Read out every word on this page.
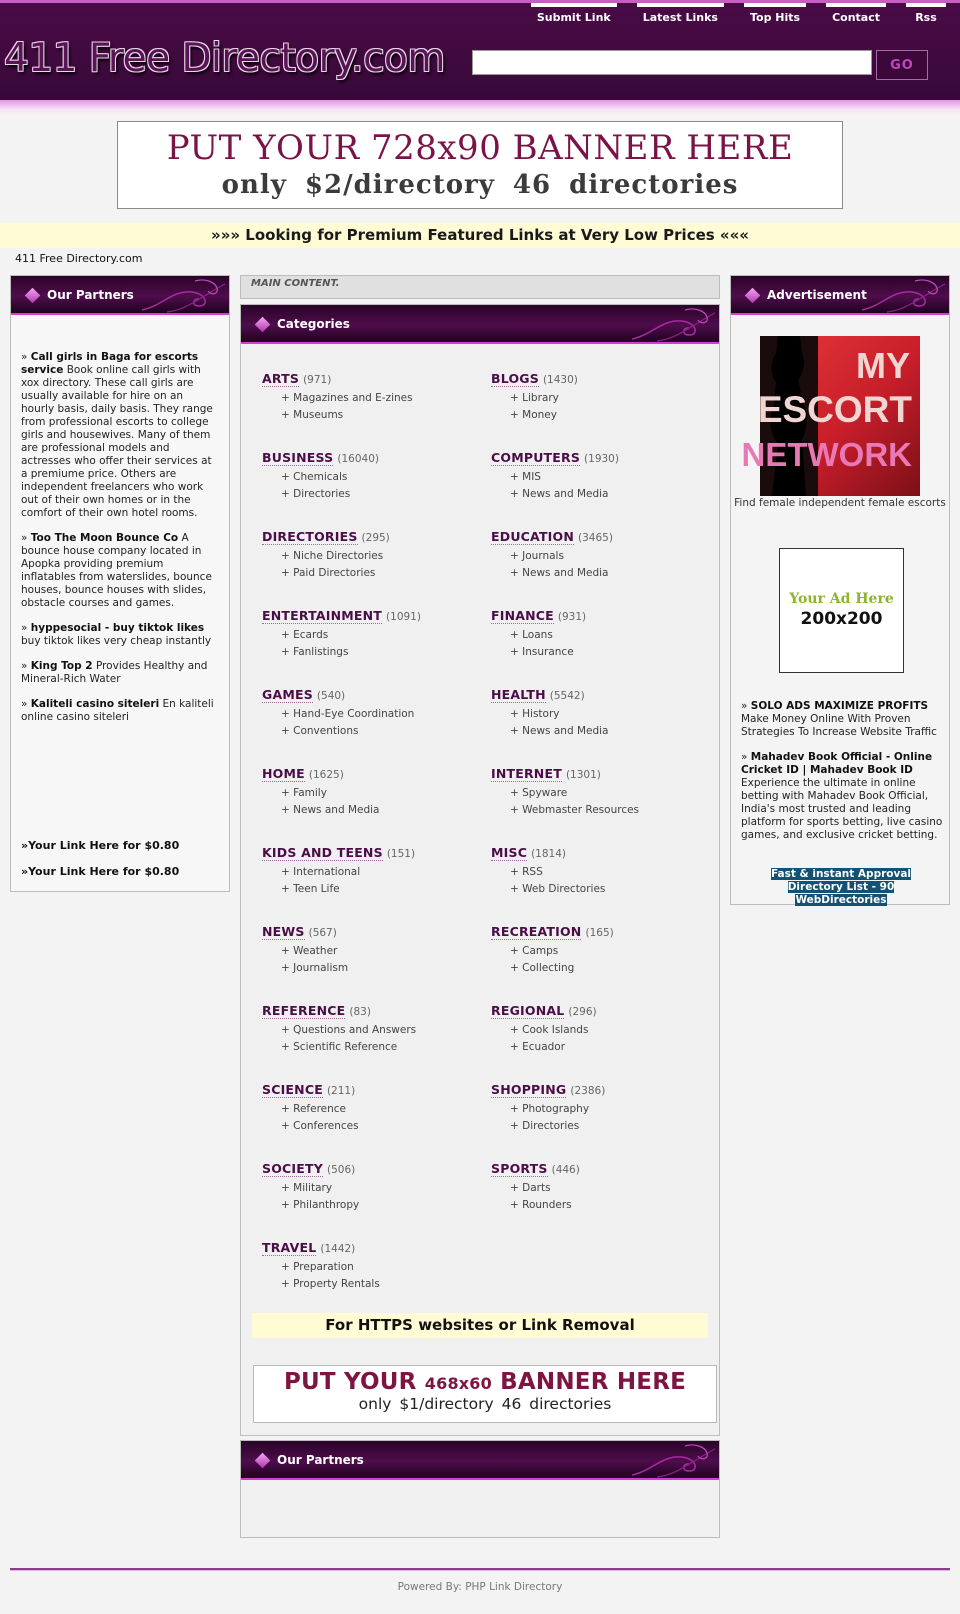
Submit Link	Latest Links	Top Hits	Contact	Rss
411 Free Directory.com	GO
PUT YOUR 728x90 BANNER HERE
only $2/directory 46 directories
»»» Looking for Premium Featured Links at Very Low Prices «««
411 Free Directory.com
Our Partners
» Call girls in Baga for escorts service Book online call girls with xox directory. These call girls are usually available for hire on an hourly basis, daily basis. They range from professional escorts to college girls and housewives. Many of them are professional models and actresses who offer their services at a premiume price. Others are independent freelancers who work out of their own homes or in the comfort of their own hotel rooms.
» Too The Moon Bounce Co A bounce house company located in Apopka providing premium inflatables from waterslides, bounce houses, bounce houses with slides, obstacle courses and games.
» hyppesocial - buy tiktok likes buy tiktok likes very cheap instantly
» King Top 2 Provides Healthy and Mineral-Rich Water
» Kaliteli casino siteleri En kaliteli online casino siteleri
»Your Link Here for $0.80
»Your Link Here for $0.80
MAIN CONTENT.
Categories
ARTS (971)
+ Magazines and E-zines
+ Museums
BLOGS (1430)
+ Library
+ Money
BUSINESS (16040)
+ Chemicals
+ Directories
COMPUTERS (1930)
+ MIS
+ News and Media
DIRECTORIES (295)
+ Niche Directories
+ Paid Directories
EDUCATION (3465)
+ Journals
+ News and Media
ENTERTAINMENT (1091)
+ Ecards
+ Fanlistings
FINANCE (931)
+ Loans
+ Insurance
GAMES (540)
+ Hand-Eye Coordination
+ Conventions
HEALTH (5542)
+ History
+ News and Media
HOME (1625)
+ Family
+ News and Media
INTERNET (1301)
+ Spyware
+ Webmaster Resources
KIDS AND TEENS (151)
+ International
+ Teen Life
MISC (1814)
+ RSS
+ Web Directories
NEWS (567)
+ Weather
+ Journalism
RECREATION (165)
+ Camps
+ Collecting
REFERENCE (83)
+ Questions and Answers
+ Scientific Reference
REGIONAL (296)
+ Cook Islands
+ Ecuador
SCIENCE (211)
+ Reference
+ Conferences
SHOPPING (2386)
+ Photography
+ Directories
SOCIETY (506)
+ Military
+ Philanthropy
SPORTS (446)
+ Darts
+ Rounders
TRAVEL (1442)
+ Preparation
+ Property Rentals
For HTTPS websites or Link Removal
PUT YOUR 468x60 BANNER HERE
only $1/directory 46 directories
Our Partners
Advertisement
MY
ESCORT
NETWORK
Find female independent female escorts
Your Ad Here
200x200
» SOLO ADS MAXIMIZE PROFITS
Make Money Online With Proven Strategies To Increase Website Traffic
» Mahadev Book Official - Online Cricket ID | Mahadev Book ID
Experience the ultimate in online betting with Mahadev Book Official, India's most trusted and leading platform for sports betting, live casino games, and exclusive cricket betting.
Fast & instant Approval Directory List - 90 WebDirectories
Powered By: PHP Link Directory
